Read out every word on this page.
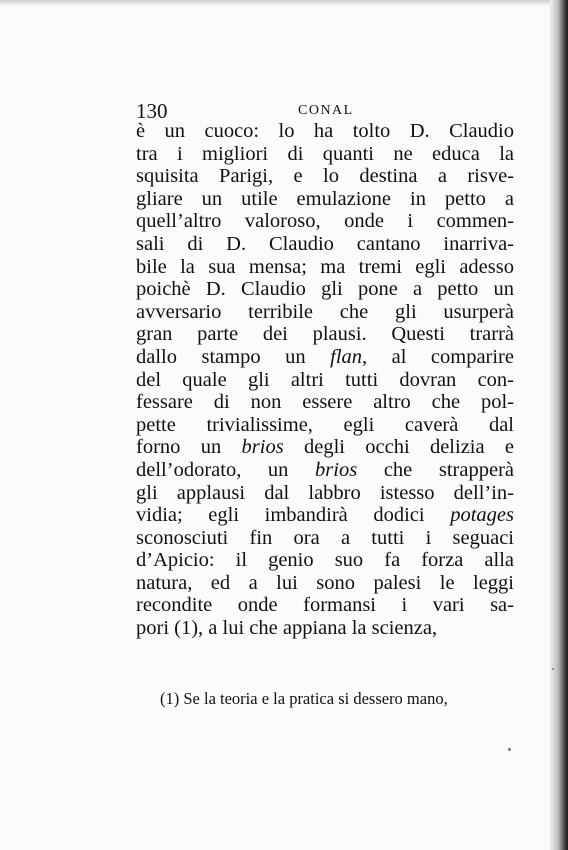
130	CONAL
è un cuoco: lo ha tolto D. Claudio
tra i migliori di quanti ne educa la
squisita Parigi, e lo destina a risve-
gliare un utile emulazione in petto a
quell’altro valoroso, onde i commen-
sali di D. Claudio cantano inarriva-
bile la sua mensa; ma tremi egli adesso
poichè D. Claudio gli pone a petto un
avversario terribile che gli usurperà
gran parte dei plausi. Questi trarrà
dallo stampo un flan, al comparire
del quale gli altri tutti dovran con-
fessare di non essere altro che pol-
pette trivialissime, egli caverà dal
forno un brios degli occhi delizia e
dell’odorato, un brios che strapperà
gli applausi dal labbro istesso dell’in-
vidia; egli imbandirà dodici potages
sconosciuti fin ora a tutti i seguaci
d’Apicio: il genio suo fa forza alla
natura, ed a lui sono palesi le leggi
recondite onde formansi i vari sa-
pori (1), a lui che appiana la scienza,
(1) Se la teoria e la pratica si dessero mano,
